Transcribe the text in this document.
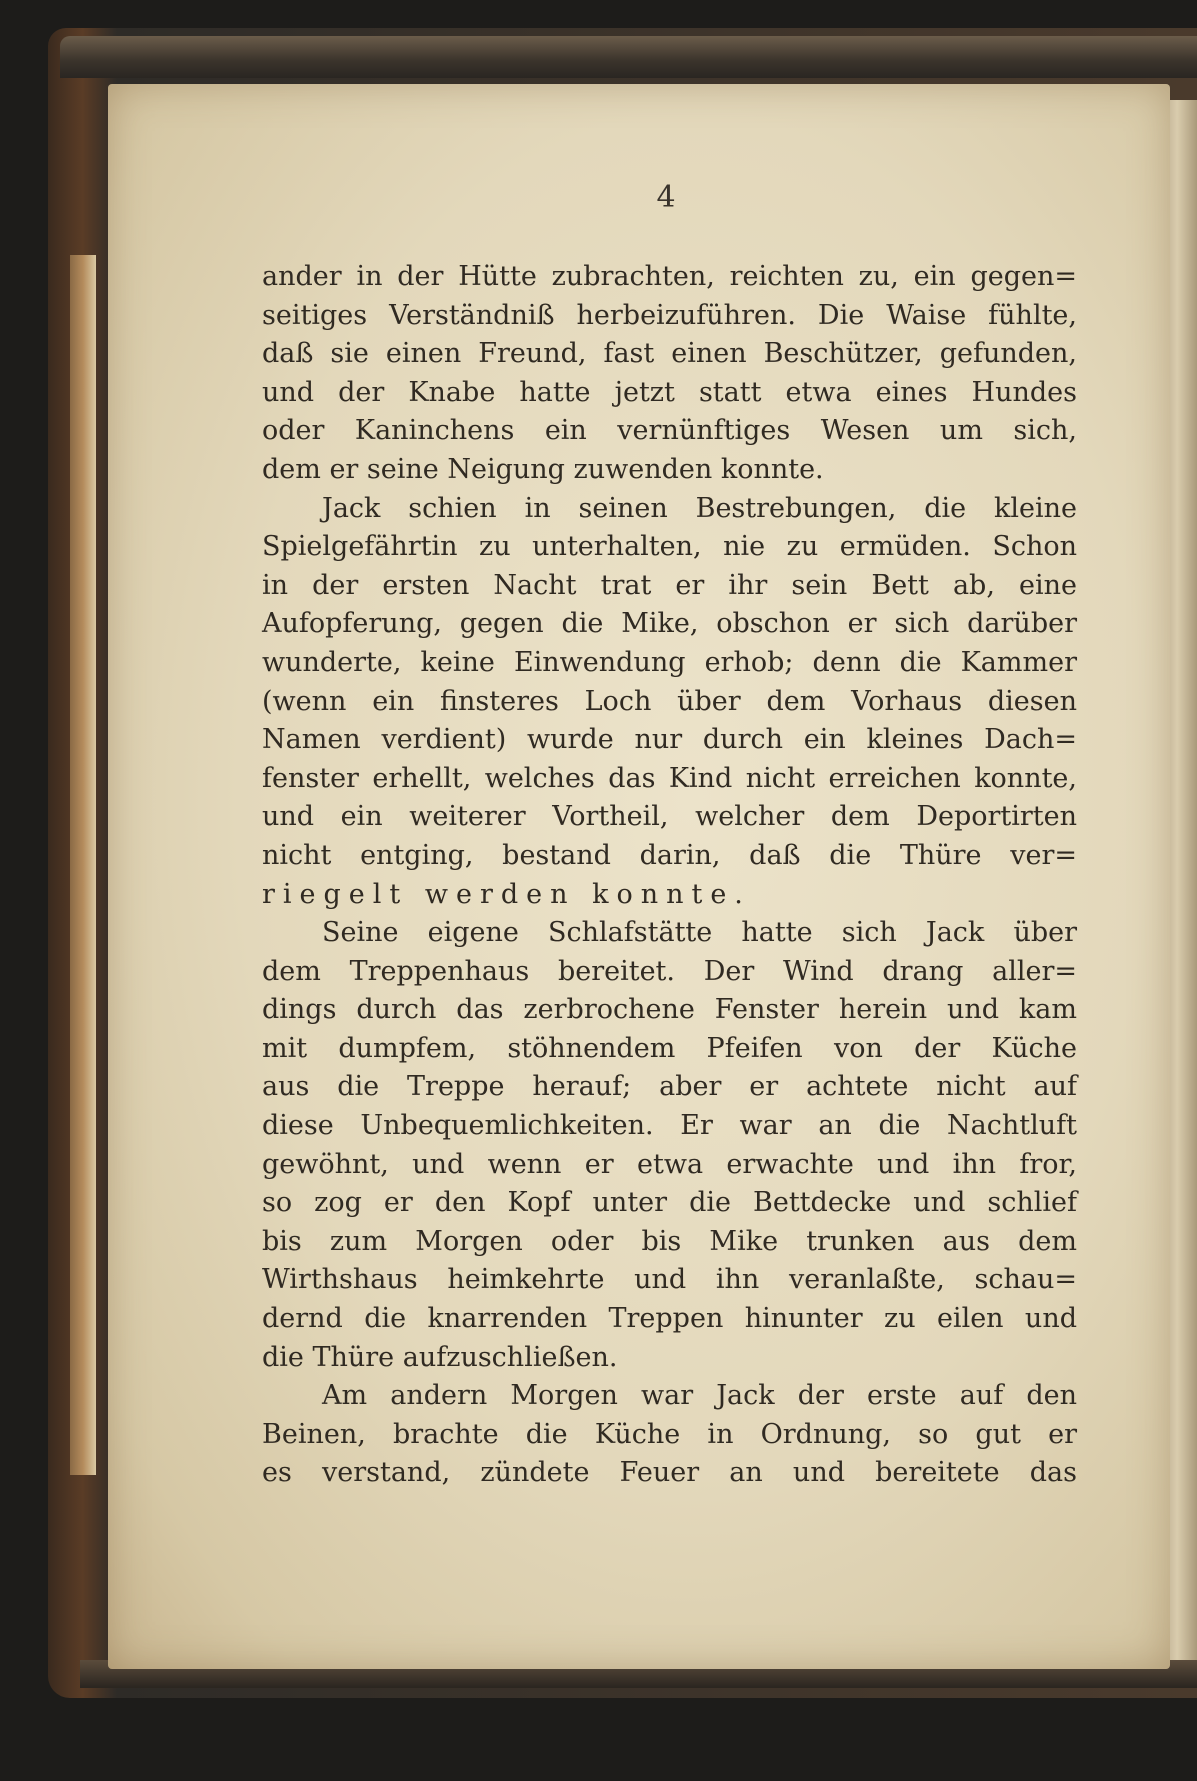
4
ander in der Hütte zubrachten, reichten zu, ein gegen=
seitiges Verständniß herbeizuführen. Die Waise fühlte,
daß sie einen Freund, fast einen Beschützer, gefunden,
und der Knabe hatte jetzt statt etwa eines Hundes
oder Kaninchens ein vernünftiges Wesen um sich,
dem er seine Neigung zuwenden konnte.
Jack schien in seinen Bestrebungen, die kleine
Spielgefährtin zu unterhalten, nie zu ermüden. Schon
in der ersten Nacht trat er ihr sein Bett ab, eine
Aufopferung, gegen die Mike, obschon er sich darüber
wunderte, keine Einwendung erhob; denn die Kammer
(wenn ein finsteres Loch über dem Vorhaus diesen
Namen verdient) wurde nur durch ein kleines Dach=
fenster erhellt, welches das Kind nicht erreichen konnte,
und ein weiterer Vortheil, welcher dem Deportirten
nicht entging, bestand darin, daß die Thüre ver=
riegelt werden konnte.
Seine eigene Schlafstätte hatte sich Jack über
dem Treppenhaus bereitet. Der Wind drang aller=
dings durch das zerbrochene Fenster herein und kam
mit dumpfem, stöhnendem Pfeifen von der Küche
aus die Treppe herauf; aber er achtete nicht auf
diese Unbequemlichkeiten. Er war an die Nachtluft
gewöhnt, und wenn er etwa erwachte und ihn fror,
so zog er den Kopf unter die Bettdecke und schlief
bis zum Morgen oder bis Mike trunken aus dem
Wirthshaus heimkehrte und ihn veranlaßte, schau=
dernd die knarrenden Treppen hinunter zu eilen und
die Thüre aufzuschließen.
Am andern Morgen war Jack der erste auf den
Beinen, brachte die Küche in Ordnung, so gut er
es verstand, zündete Feuer an und bereitete das
